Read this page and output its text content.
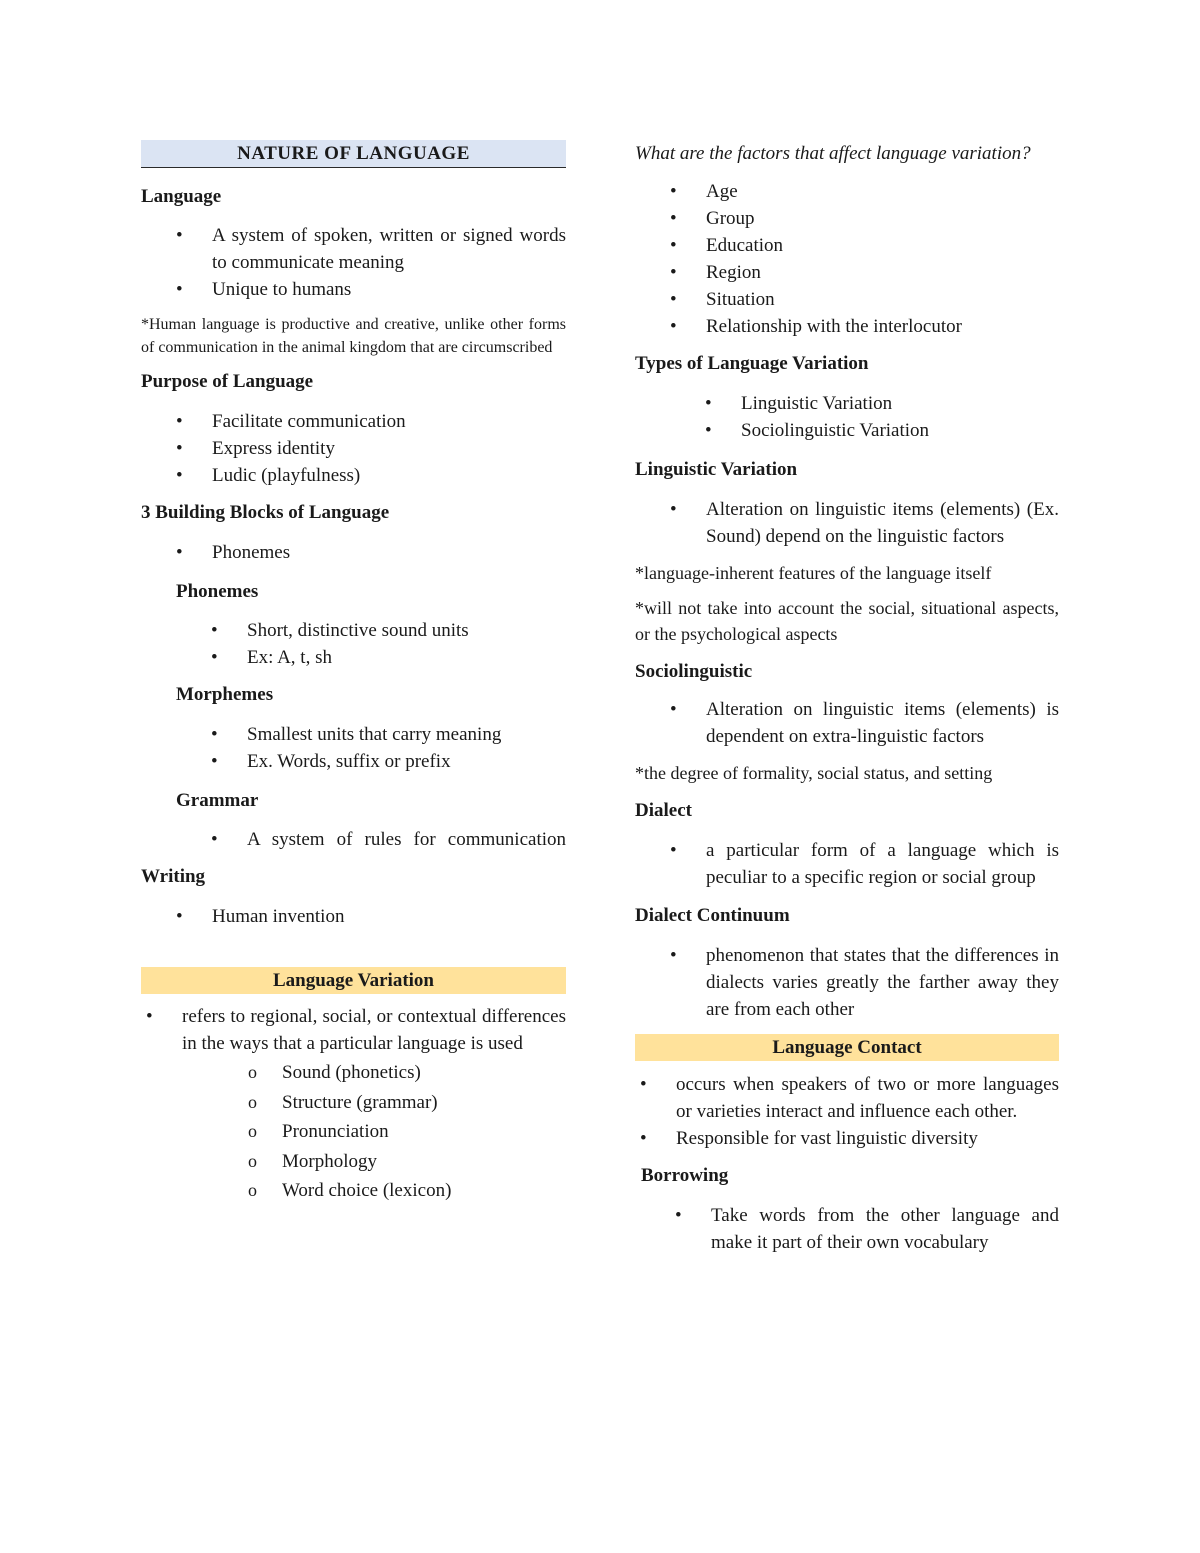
NATURE OF LANGUAGE
Language
• A system of spoken, written or signed words to communicate meaning
• Unique to humans
*Human language is productive and creative, unlike other forms of communication in the animal kingdom that are circumscribed
Purpose of Language
• Facilitate communication
• Express identity
• Ludic (playfulness)
3 Building Blocks of Language
• Phonemes
Phonemes
• Short, distinctive sound units
• Ex: A, t, sh
Morphemes
• Smallest units that carry meaning
• Ex. Words, suffix or prefix
Grammar
• A system of rules for communication
Writing
• Human invention
Language Variation
• refers to regional, social, or contextual differences in the ways that a particular language is used
o Sound (phonetics)
o Structure (grammar)
o Pronunciation
o Morphology
o Word choice (lexicon)
What are the factors that affect language variation?
• Age
• Group
• Education
• Region
• Situation
• Relationship with the interlocutor
Types of Language Variation
• Linguistic Variation
• Sociolinguistic Variation
Linguistic Variation
• Alteration on linguistic items (elements) (Ex. Sound) depend on the linguistic factors
*language-inherent features of the language itself
*will not take into account the social, situational aspects, or the psychological aspects
Sociolinguistic
• Alteration on linguistic items (elements) is dependent on extra-linguistic factors
*the degree of formality, social status, and setting
Dialect
• a particular form of a language which is peculiar to a specific region or social group
Dialect Continuum
• phenomenon that states that the differences in dialects varies greatly the farther away they are from each other
Language Contact
• occurs when speakers of two or more languages or varieties interact and influence each other.
• Responsible for vast linguistic diversity
Borrowing
• Take words from the other language and make it part of their own vocabulary
